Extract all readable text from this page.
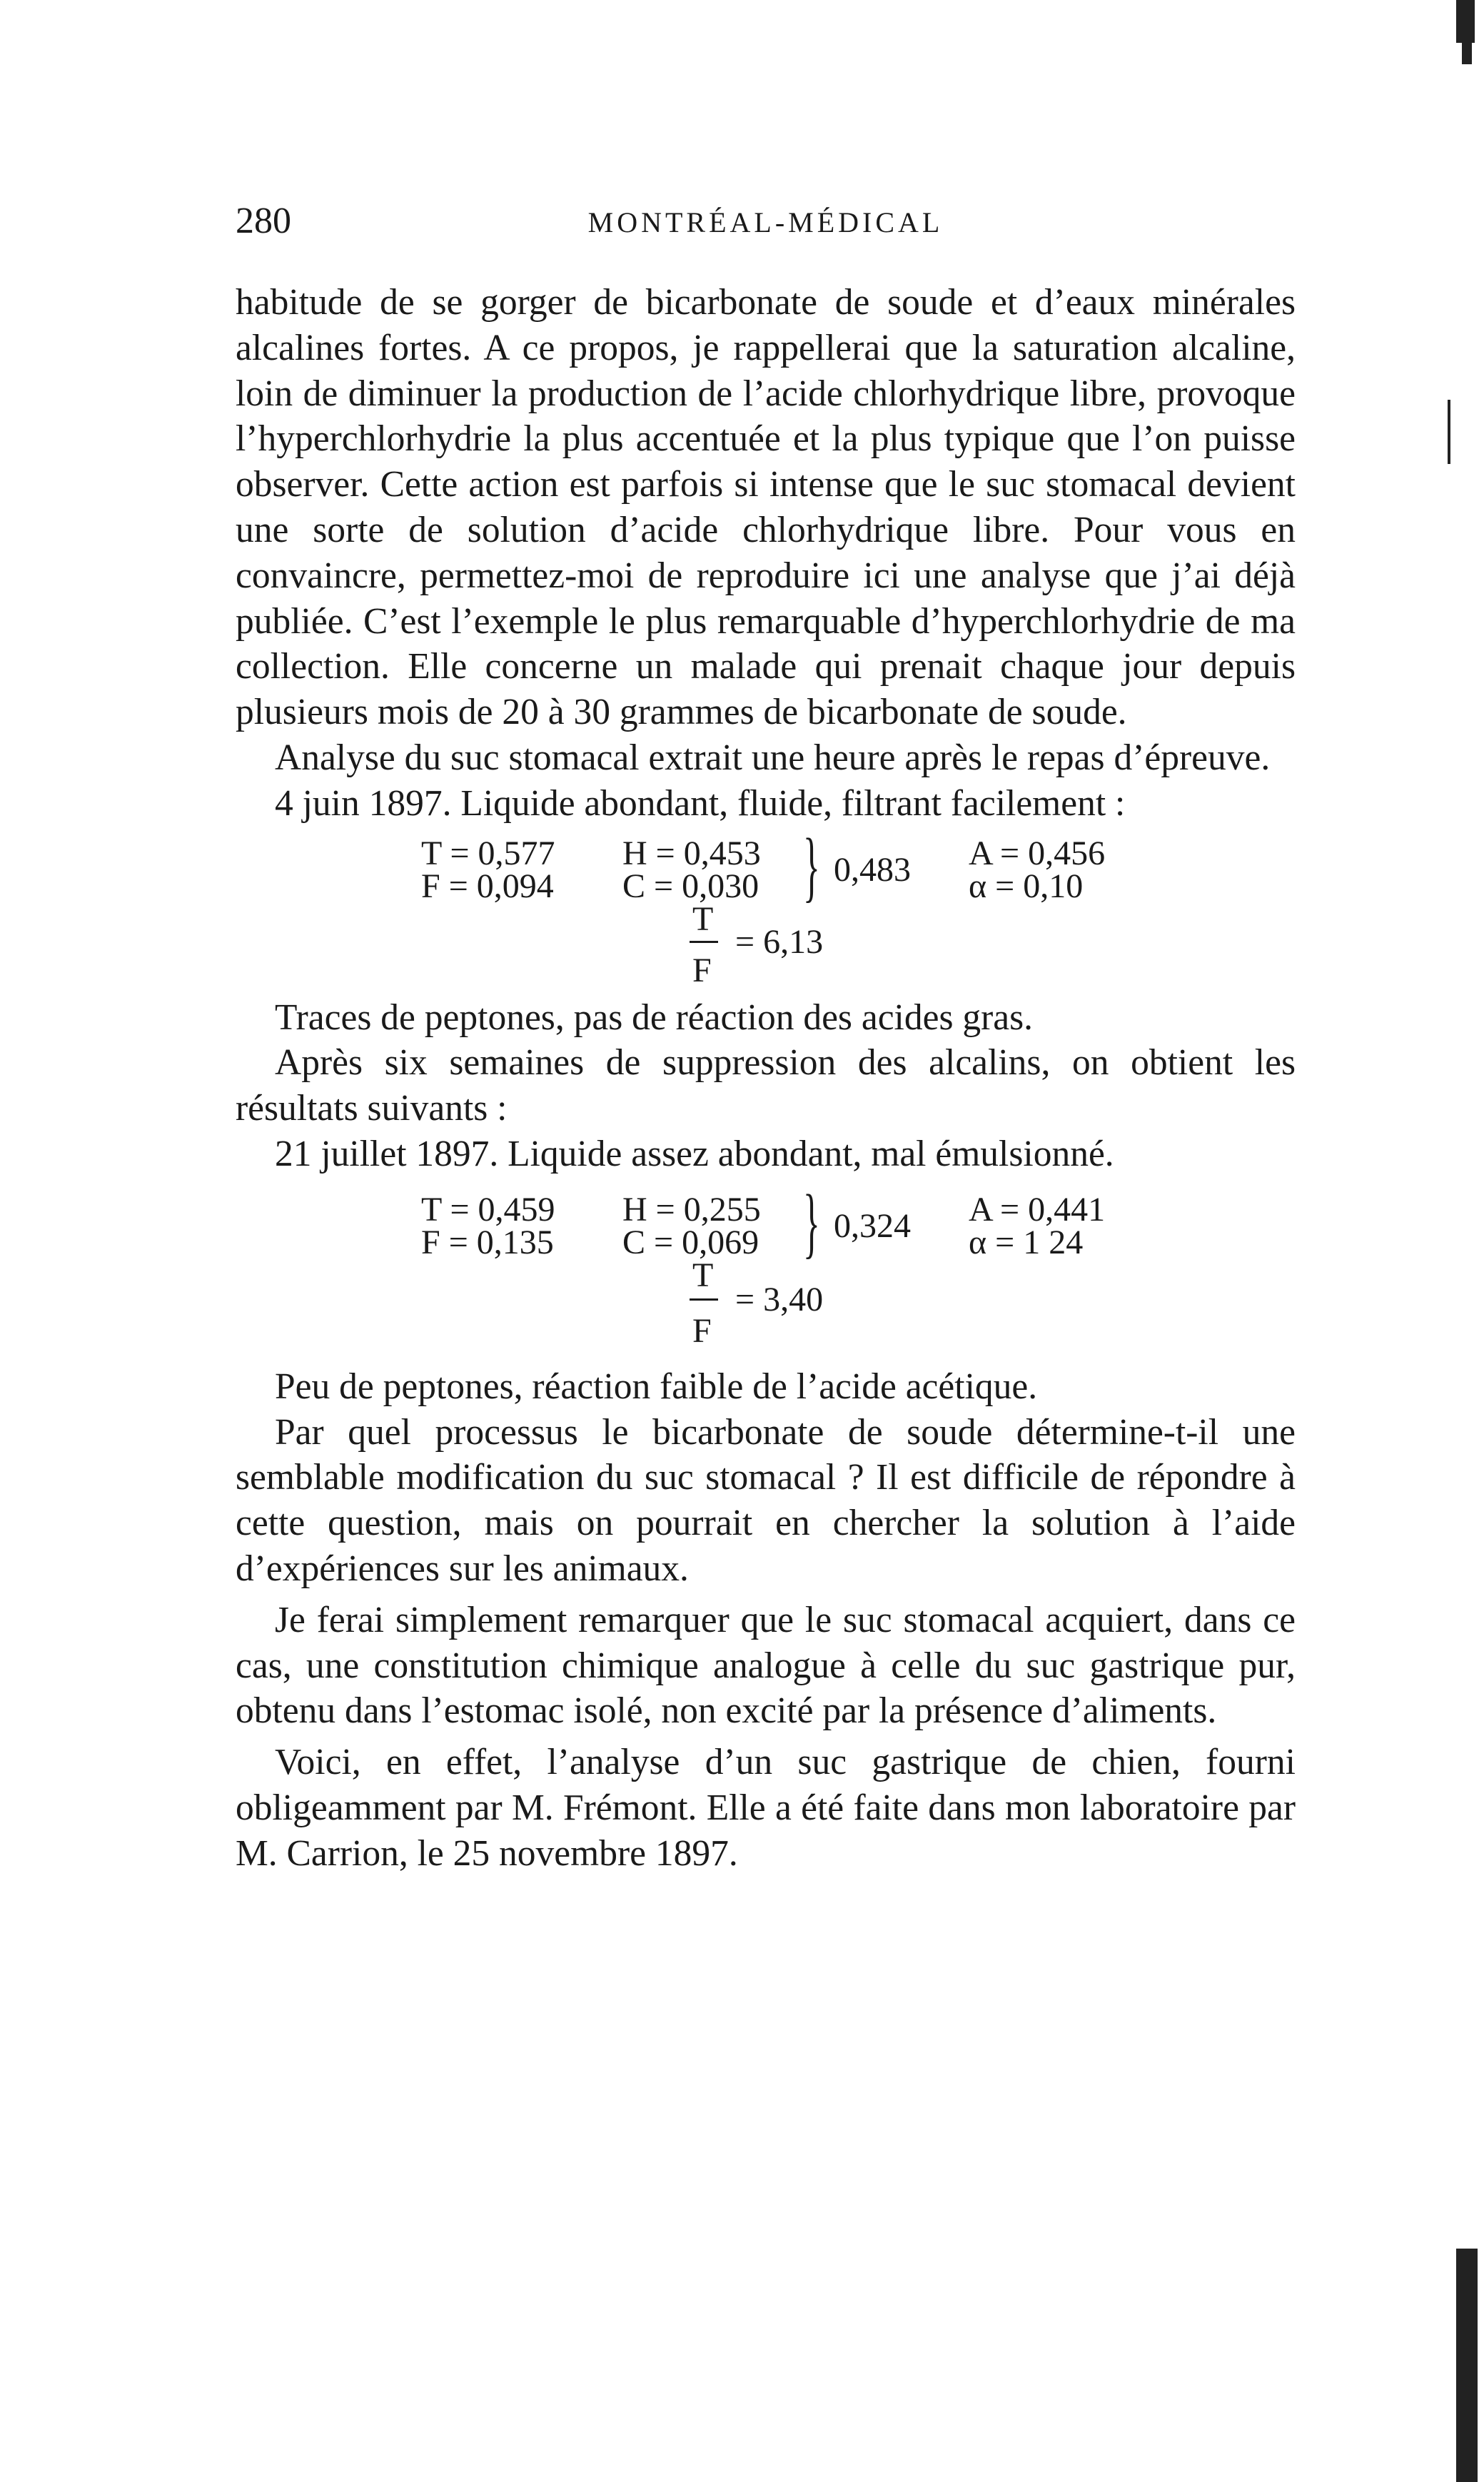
280	MONTRÉAL-MÉDICAL

habitude de se gorger de bicarbonate de soude et d’eaux minérales alcalines fortes. A ce propos, je rappellerai que la saturation alcaline, loin de diminuer la production de l’acide chlorhydrique libre, provoque l’hyperchlorhydrie la plus accentuée et la plus typique que l’on puisse observer. Cette action est parfois si intense que le suc stomacal devient une sorte de solution d’acide chlorhydrique libre. Pour vous en convaincre, permettez-moi de reproduire ici une analyse que j’ai déjà publiée. C’est l’exemple le plus remarquable d’hyperchlorhydrie de ma collection. Elle concerne un malade qui prenait chaque jour depuis plusieurs mois de 20 à 30 grammes de bicarbonate de soude.

Analyse du suc stomacal extrait une heure après le repas d’épreuve.

4 juin 1897. Liquide abondant, fluide, filtrant facilement :

T = 0,577
F = 0,094
H = 0,453
C = 0,030 } 0,483 A = 0,456
α = 0,10
T
= 6,13
F

Traces de peptones, pas de réaction des acides gras.

Après six semaines de suppression des alcalins, on obtient les résultats suivants :

21 juillet 1897. Liquide assez abondant, mal émulsionné.

T = 0,459
F = 0,135
H = 0,255
C = 0,069 } 0,324 A = 0,441
α = 1 24
T
= 3,40
F

Peu de peptones, réaction faible de l’acide acétique.

Par quel processus le bicarbonate de soude détermine-t-il une semblable modification du suc stomacal ? Il est difficile de répondre à cette question, mais on pourrait en chercher la solution à l’aide d’expériences sur les animaux.

Je ferai simplement remarquer que le suc stomacal acquiert, dans ce cas, une constitution chimique analogue à celle du suc gastrique pur, obtenu dans l’estomac isolé, non excité par la présence d’aliments.

Voici, en effet, l’analyse d’un suc gastrique de chien, fourni obligeamment par M. Frémont. Elle a été faite dans mon laboratoire par M. Carrion, le 25 novembre 1897.
